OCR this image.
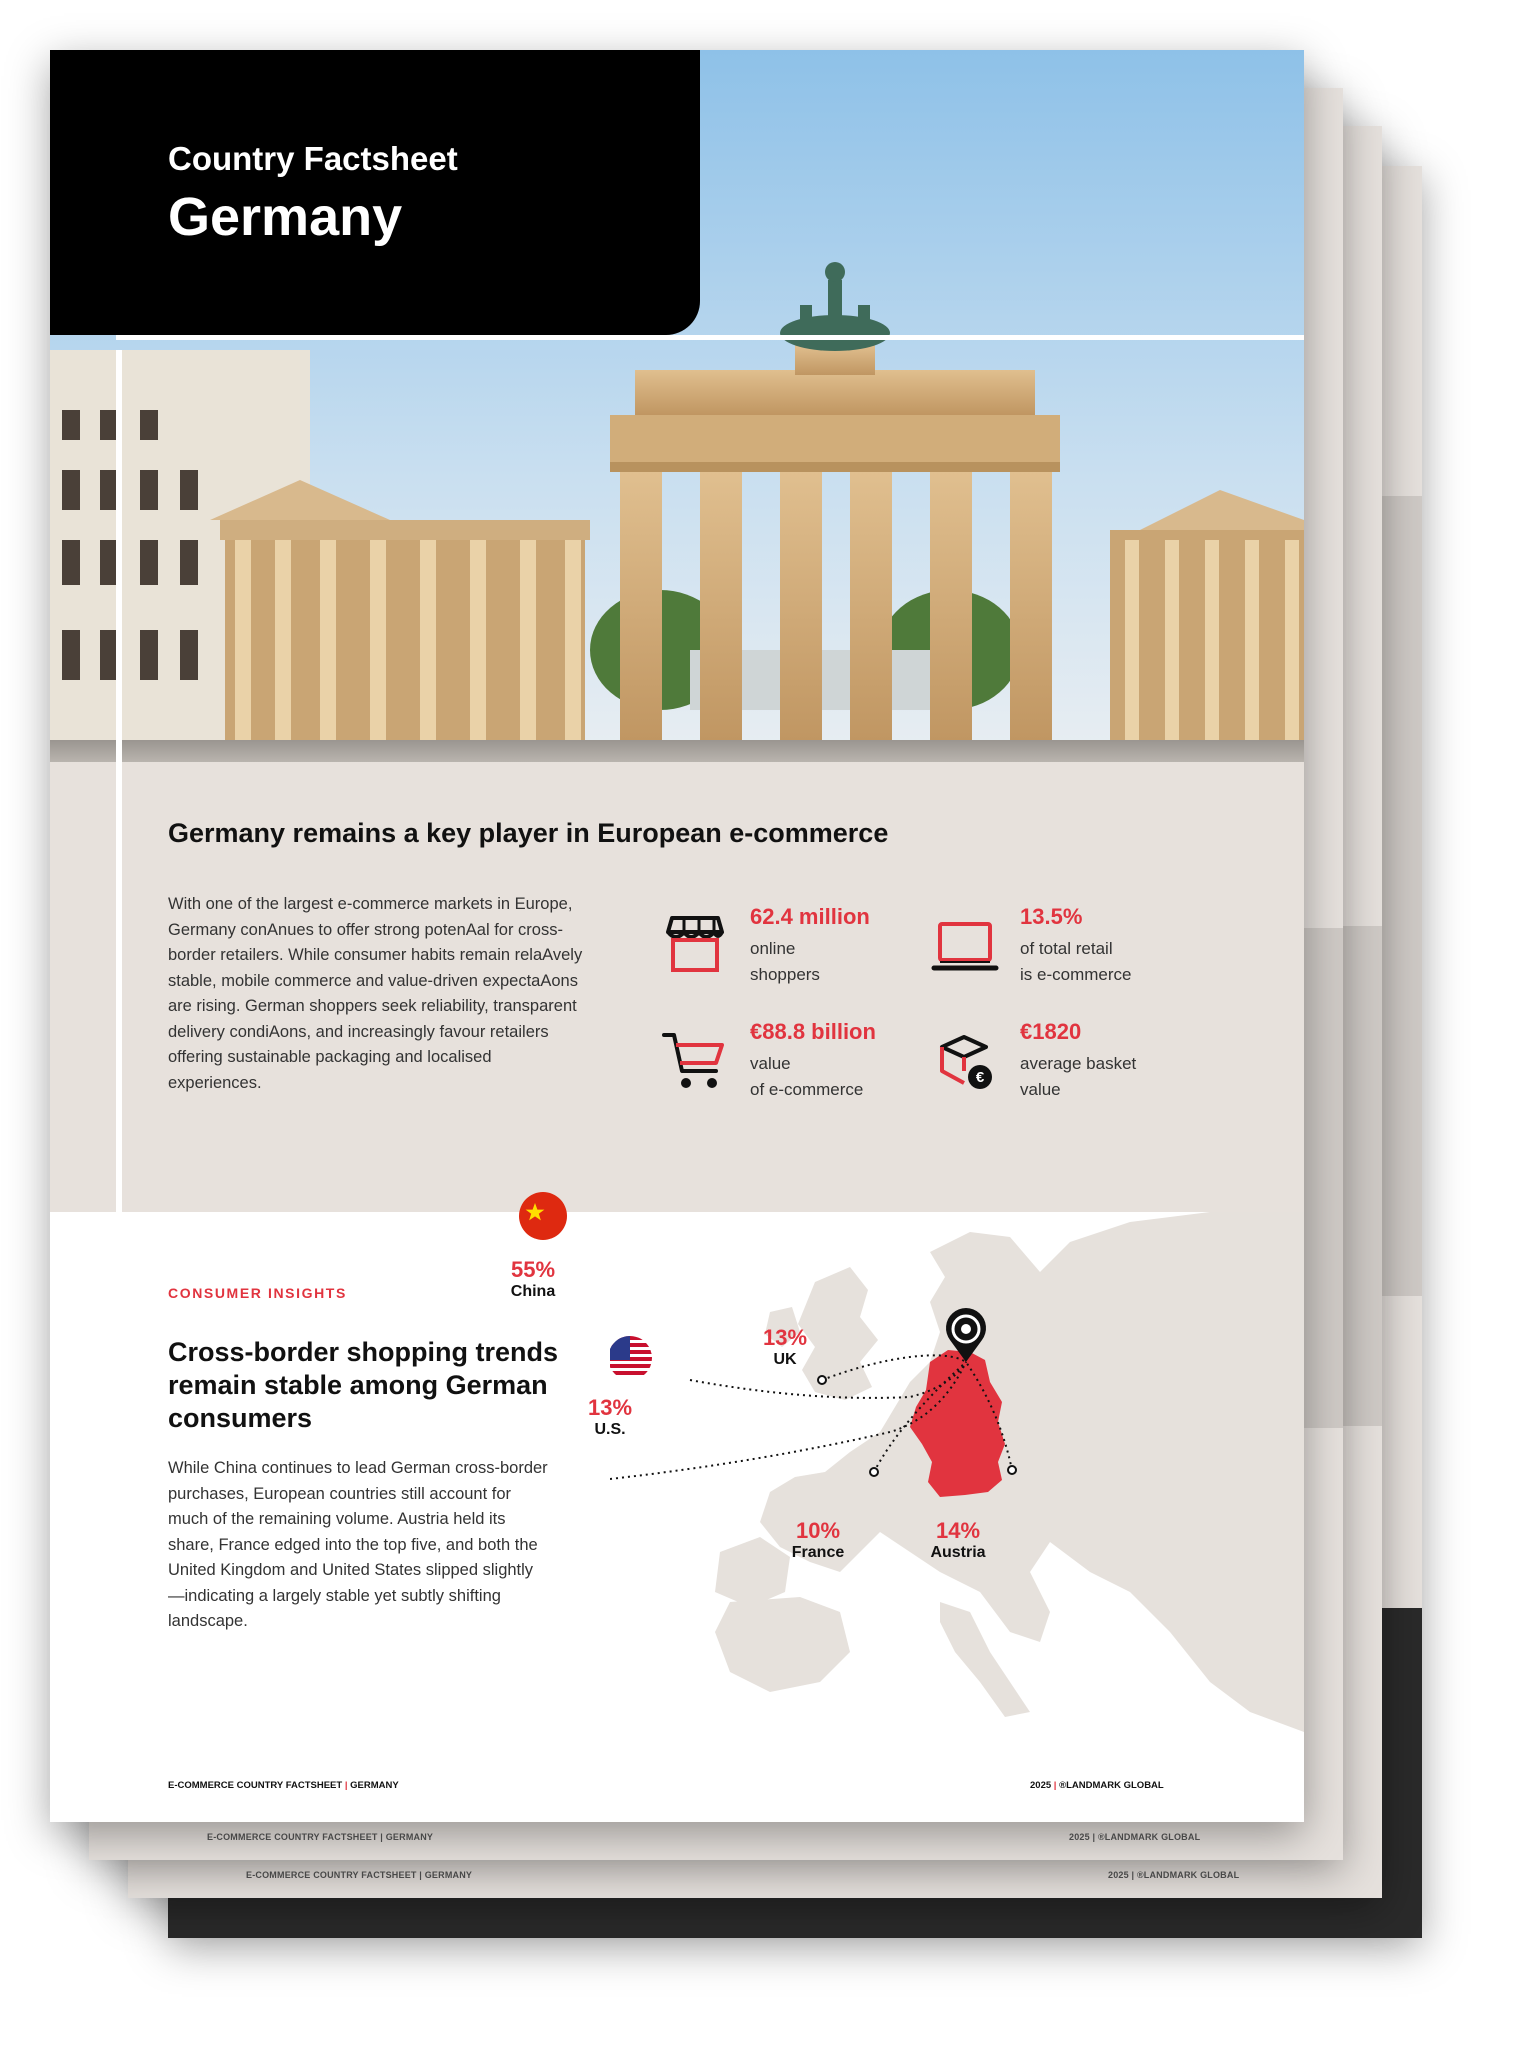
E-COMMERCE COUNTRY FACTSHEET | GERMANY	2025 | ®LANDMARK GLOBAL
E-COMMERCE COUNTRY FACTSHEET | GERMANY	2025 | ®LANDMARK GLOBAL
Country Factsheet
Germany
Germany remains a key player in European e-commerce
With one of the largest e-commerce markets in Europe, Germany conAnues to offer strong potenAal for cross-border retailers. While consumer habits remain relaAvely stable, mobile commerce and value-driven expectaAons are rising. German shoppers seek reliability, transparent delivery condiAons, and increasingly favour retailers offering sustainable packaging and localised experiences.
62.4 million
online
shoppers
13.5%
of total retail
is e-commerce
€88.8 billion
value
of e-commerce
€
€1820
average basket
value
CONSUMER INSIGHTS
Cross-border shopping trends remain stable among German consumers
While China continues to lead German cross-border purchases, European countries still account for much of the remaining volume. Austria held its share, France edged into the top five, and both the United Kingdom and United States slipped slightly—indicating a largely stable yet subtly shifting landscape.
13%
UK
13%
U.S.
10%
France
14%
Austria
55%
China
E-COMMERCE COUNTRY FACTSHEET | GERMANY	2025 | ®LANDMARK GLOBAL
